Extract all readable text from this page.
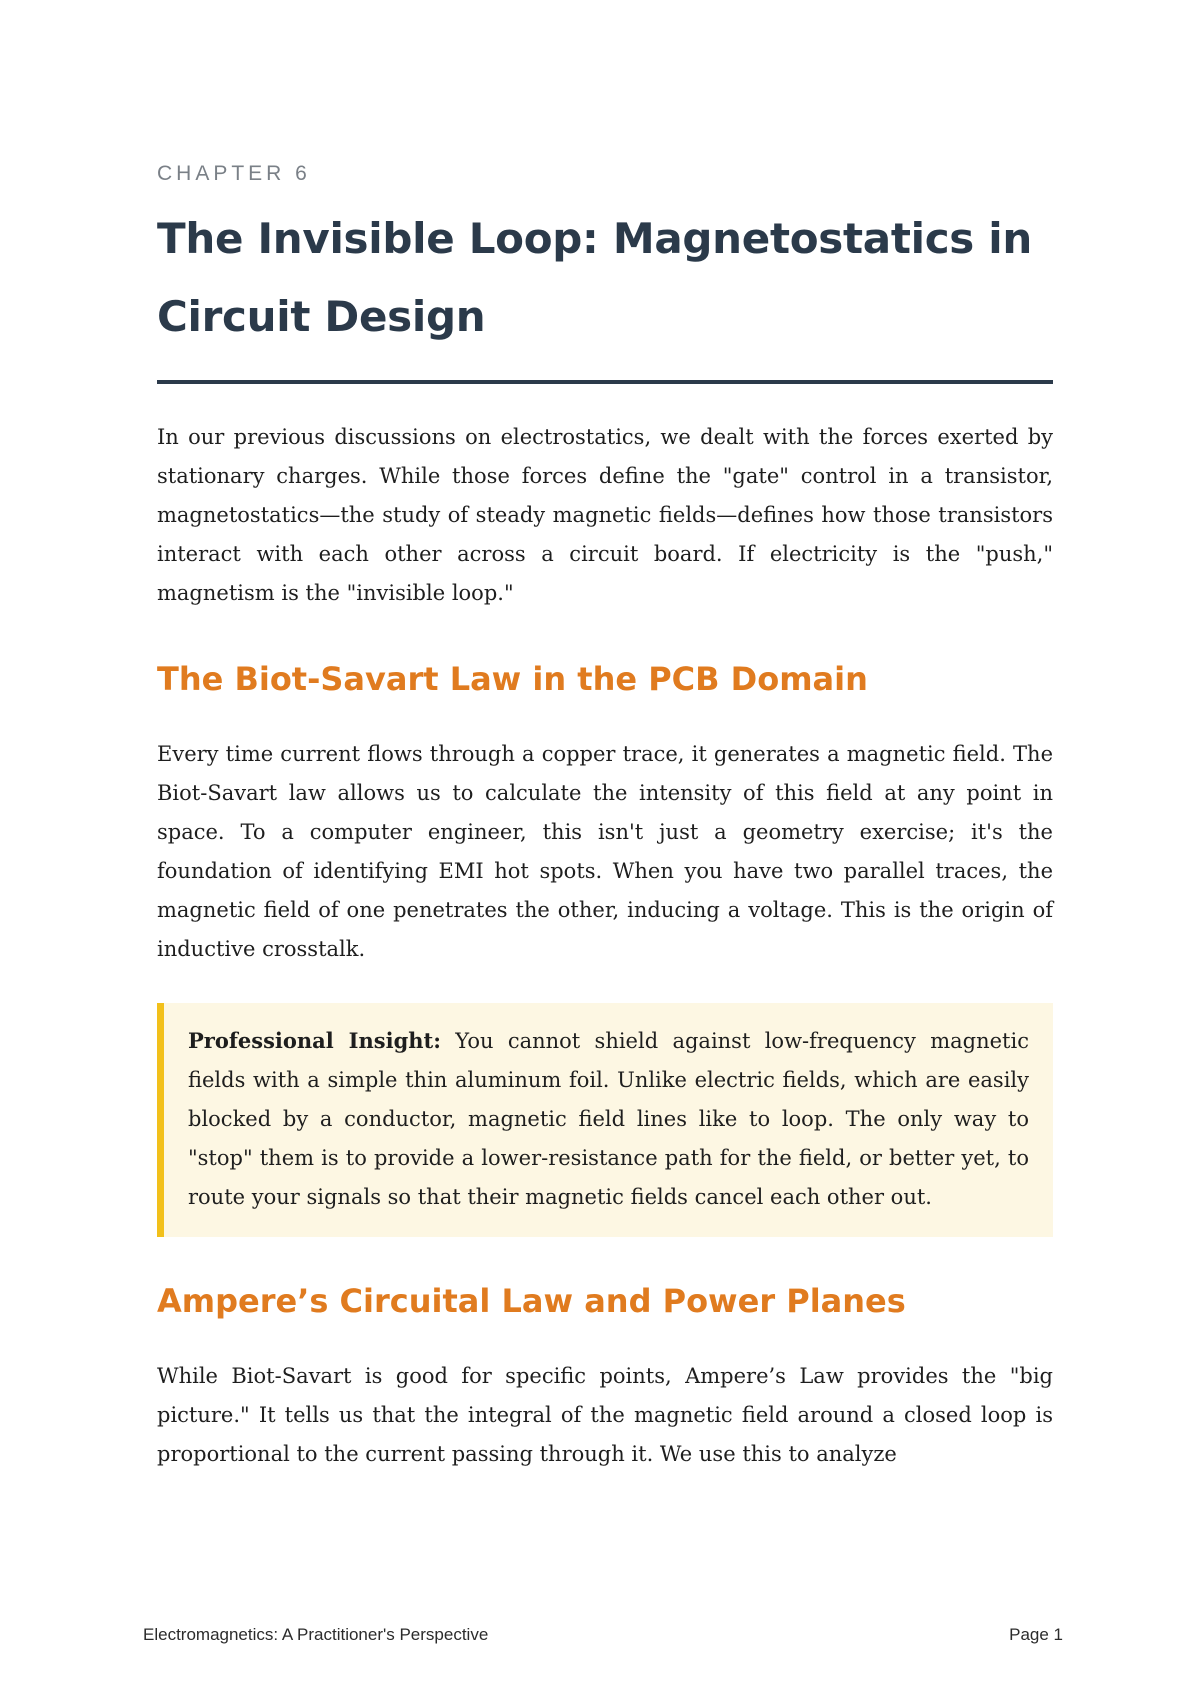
CHAPTER 6

The Invisible Loop: Magnetostatics in Circuit Design

In our previous discussions on electrostatics, we dealt with the forces exerted by stationary charges. While those forces define the "gate" control in a transistor, magnetostatics—the study of steady magnetic fields—defines how those transistors interact with each other across a circuit board. If electricity is the "push," magnetism is the "invisible loop."

The Biot-Savart Law in the PCB Domain

Every time current flows through a copper trace, it generates a magnetic field. The Biot-Savart law allows us to calculate the intensity of this field at any point in space. To a computer engineer, this isn't just a geometry exercise; it's the foundation of identifying EMI hot spots. When you have two parallel traces, the magnetic field of one penetrates the other, inducing a voltage. This is the origin of inductive crosstalk.

Professional Insight: You cannot shield against low-frequency magnetic fields with a simple thin aluminum foil. Unlike electric fields, which are easily blocked by a conductor, magnetic field lines like to loop. The only way to "stop" them is to provide a lower-resistance path for the field, or better yet, to route your signals so that their magnetic fields cancel each other out.

Ampere’s Circuital Law and Power Planes

While Biot-Savart is good for specific points, Ampere’s Law provides the "big picture." It tells us that the integral of the magnetic field around a closed loop is proportional to the current passing through it. We use this to analyze

Electromagnetics: A Practitioner's Perspective	Page 1
